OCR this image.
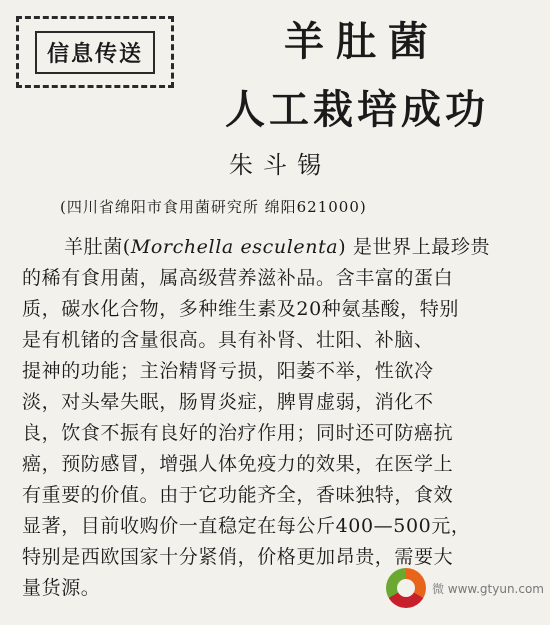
信息传送	羊肚菌
人工栽培成功
朱斗锡
(四川省绵阳市食用菌研究所 绵阳621000)
羊肚菌(Morchella esculenta) 是世界上最珍贵
的稀有食用菌，属高级营养滋补品。含丰富的蛋白
质，碳水化合物，多种维生素及20种氨基酸，特别
是有机锗的含量很高。具有补肾、壮阳、补脑、
提神的功能；主治精肾亏损，阳萎不举，性欲冷
淡，对头晕失眠，肠胃炎症，脾胃虚弱，消化不
良，饮食不振有良好的治疗作用；同时还可防癌抗
癌，预防感冒，增强人体免疫力的效果，在医学上
有重要的价值。由于它功能齐全，香味独特，食效
显著，目前收购价一直稳定在每公斤400—500元，
特别是西欧国家十分紧俏，价格更加昂贵，需要大
量货源。	微 www.gtyun.com
